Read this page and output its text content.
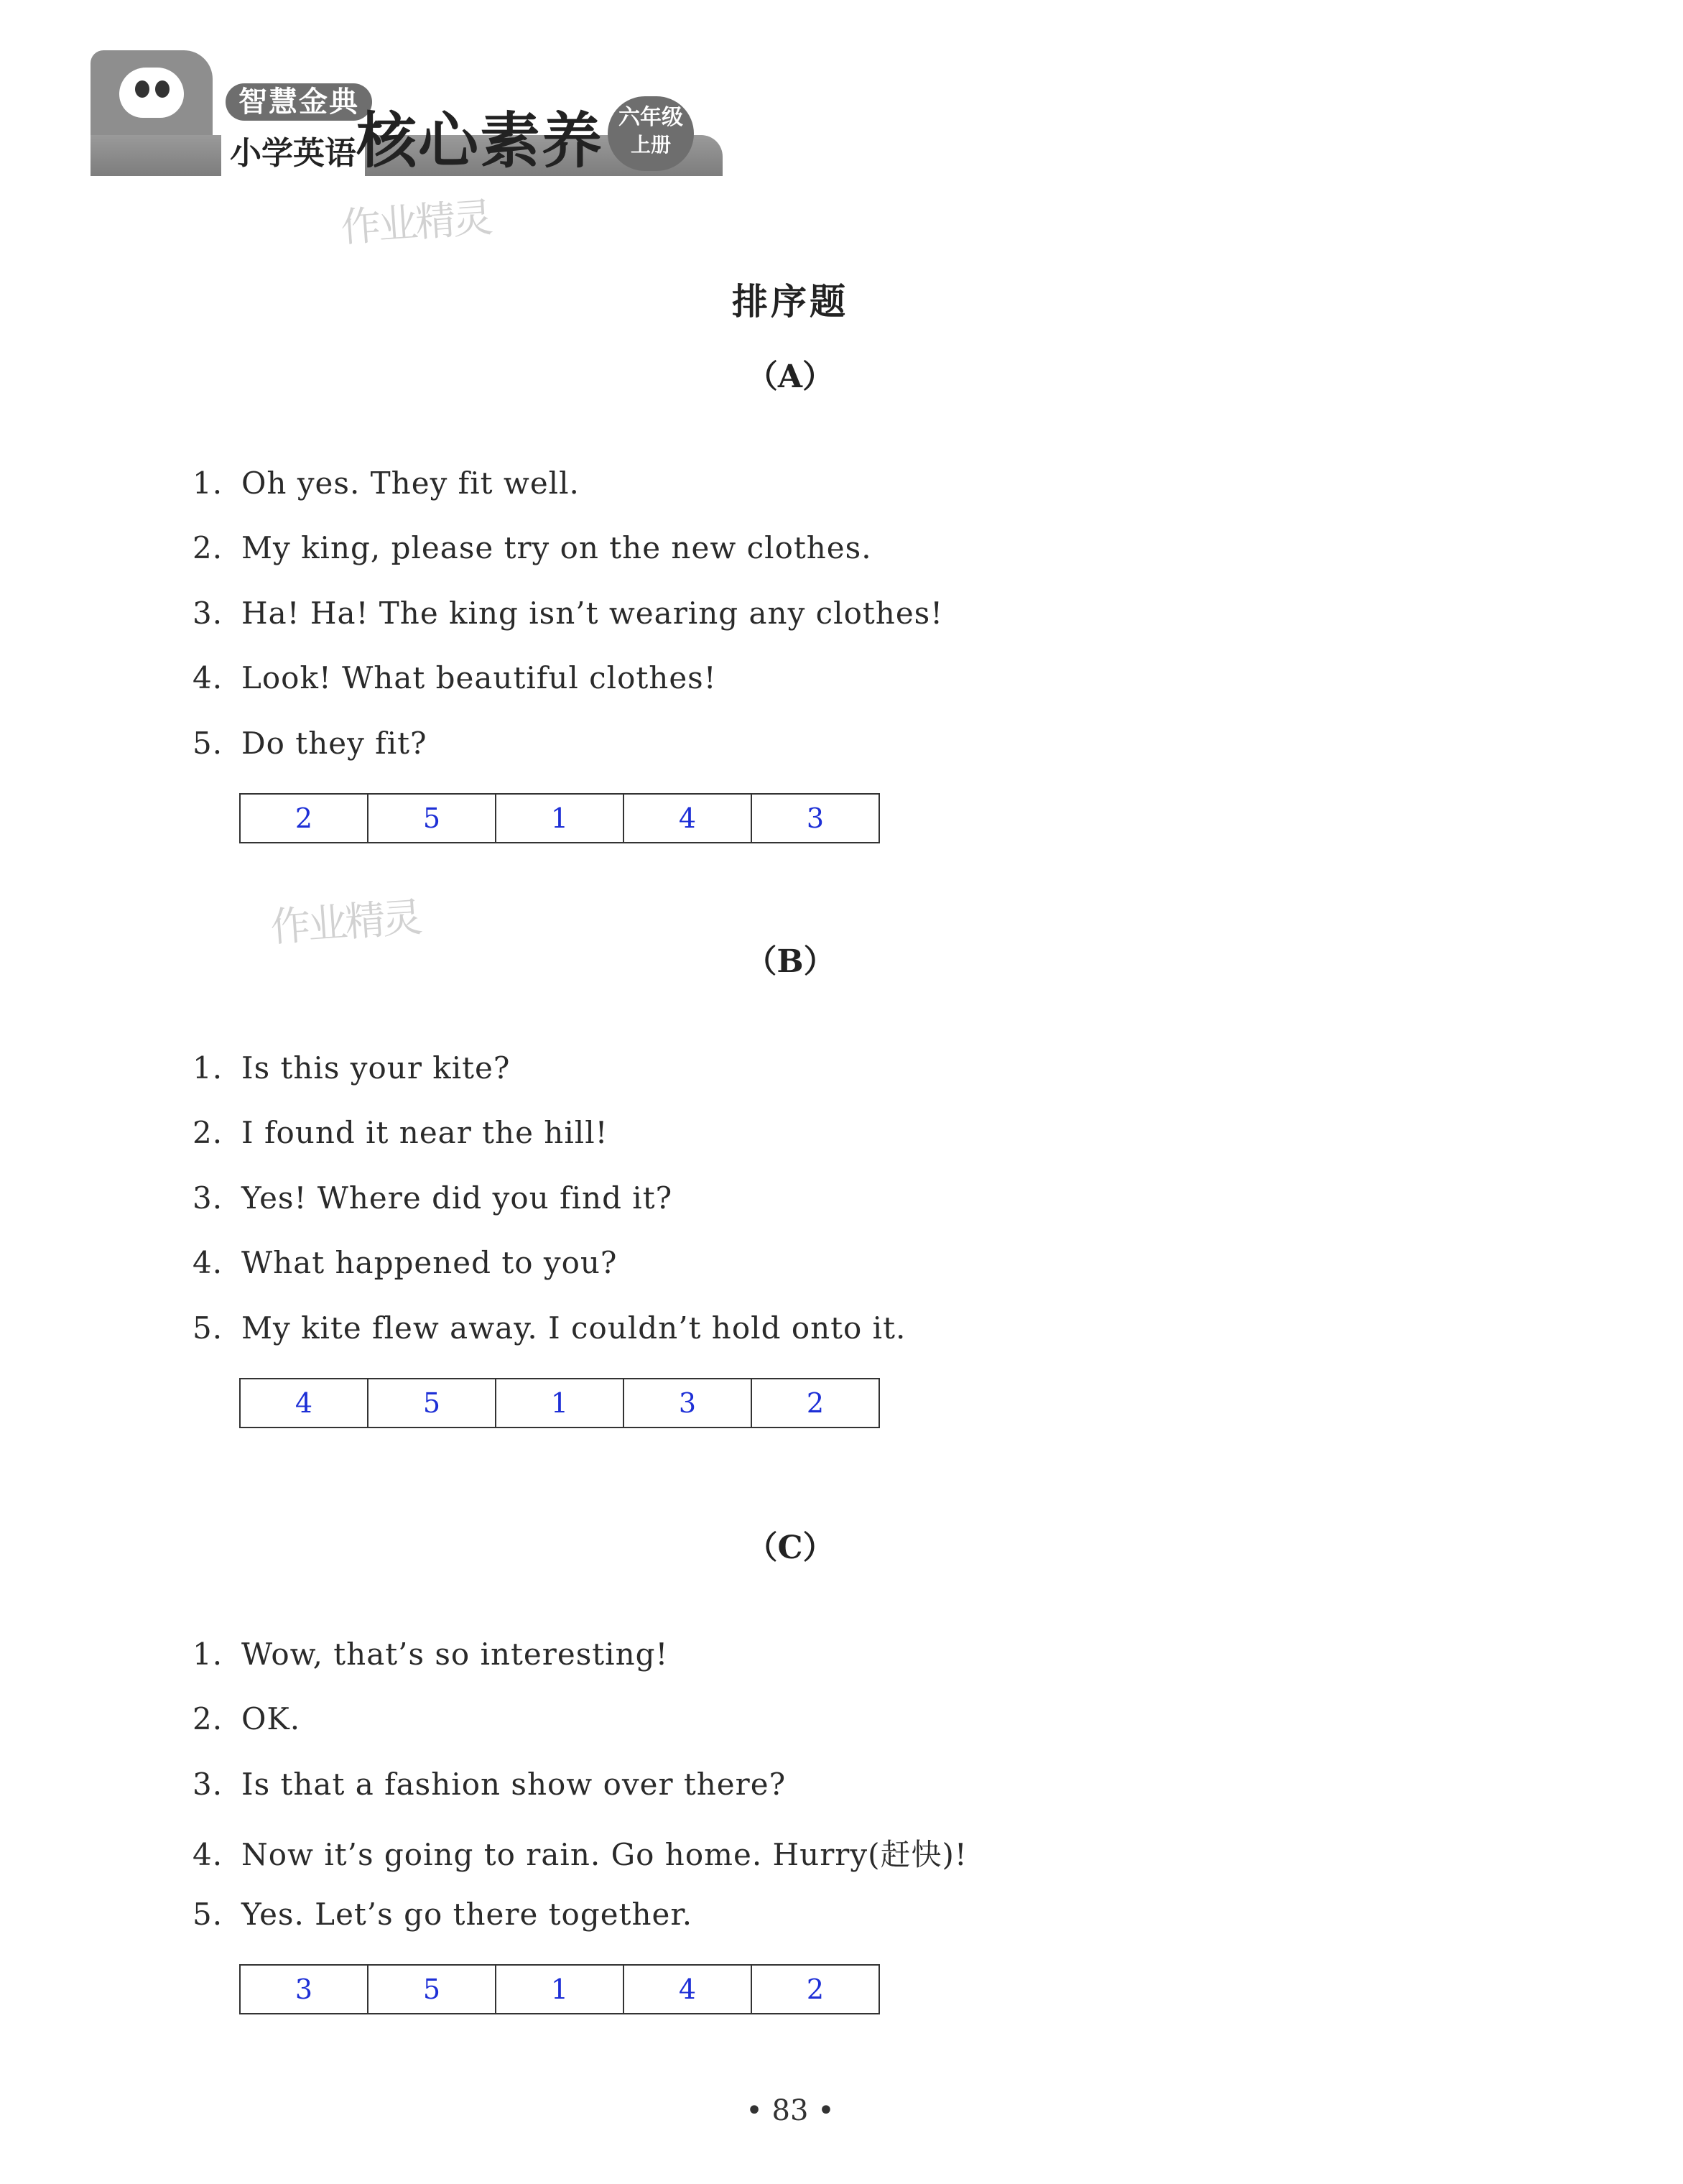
智慧金典
小学英语 核心素养 六年级
上册
作业精灵
作业精灵
排序题
（A）
1. Oh yes. They fit well.
2. My king, please try on the new clothes.
3. Ha! Ha! The king isn’t wearing any clothes!
4. Look! What beautiful clothes!
5. Do they fit?
2	5	1	4	3
（B）
1. Is this your kite?
2. I found it near the hill!
3. Yes! Where did you find it?
4. What happened to you?
5. My kite flew away. I couldn’t hold onto it.
4	5	1	3	2
（C）
1. Wow, that’s so interesting!
2. OK.
3. Is that a fashion show over there?
4. Now it’s going to rain. Go home. Hurry(赶快)!
5. Yes. Let’s go there together.
3	5	1	4	2
• 83 •
